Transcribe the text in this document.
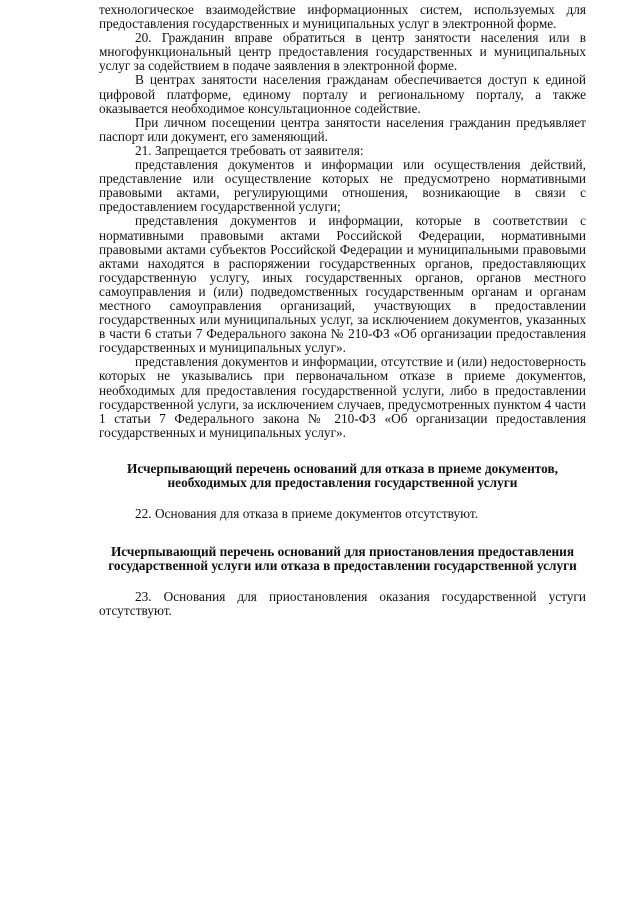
технологическое взаимодействие информационных систем, используемых для предоставления государственных и муниципальных услуг в электронной форме.

20. Гражданин вправе обратиться в центр занятости населения или в многофункциональный центр предоставления государственных и муниципальных услуг за содействием в подаче заявления в электронной форме.

В центрах занятости населения гражданам обеспечивается доступ к единой цифровой платформе, единому порталу и региональному порталу, а также оказывается необходимое консультационное содействие.

При личном посещении центра занятости населения гражданин предъявляет паспорт или документ, его заменяющий.

21. Запрещается требовать от заявителя:

представления документов и информации или осуществления действий, представление или осуществление которых не предусмотрено нормативными правовыми актами, регулирующими отношения, возникающие в связи с предоставлением государственной услуги;

представления документов и информации, которые в соответствии с нормативными правовыми актами Российской Федерации, нормативными правовыми актами субъектов Российской Федерации и муниципальными правовыми актами находятся в распоряжении государственных органов, предоставляющих государственную услугу, иных государственных органов, органов местного самоуправления и (или) подведомственных государственным органам и органам местного самоуправления организаций, участвующих в предоставлении государственных или муниципальных услуг, за исключением документов, указанных в части 6 статьи 7 Федерального закона № 210-ФЗ «Об организации предоставления государственных и муниципальных услуг».

представления документов и информации, отсутствие и (или) недостоверность которых не указывались при первоначальном отказе в приеме документов, необходимых для предоставления государственной услуги, либо в предоставлении государственной услуги, за исключением случаев, предусмотренных пунктом 4 части 1 статьи 7 Федерального закона № 210-ФЗ «Об организации предоставления государственных и муниципальных услуг».

Исчерпывающий перечень оснований для отказа в приеме документов, необходимых для предоставления государственной услуги

22. Основания для отказа в приеме документов отсутствуют.

Исчерпывающий перечень оснований для приостановления предоставления государственной услуги или отказа в предоставлении государственной услуги

23. Основания для приостановления оказания государственной устуги отсутствуют.
